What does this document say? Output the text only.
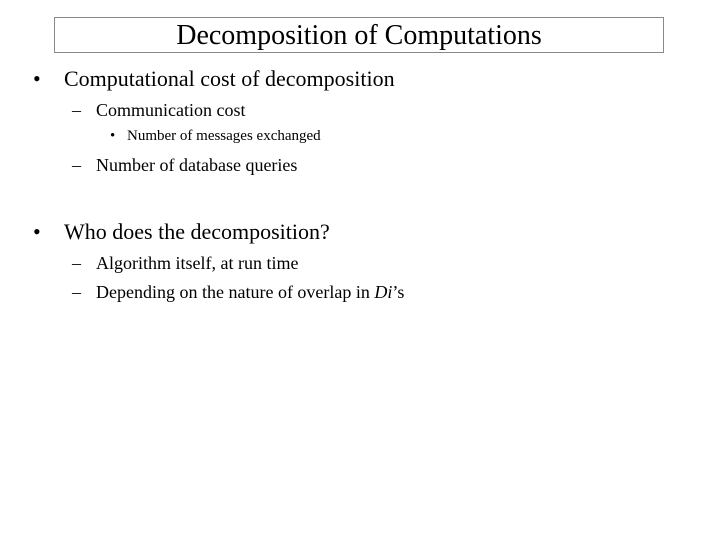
Decomposition of Computations
• Computational cost of decomposition
– Communication cost
• Number of messages exchanged
– Number of database queries
• Who does the decomposition?
– Algorithm itself, at run time
– Depending on the nature of overlap in Di’s
